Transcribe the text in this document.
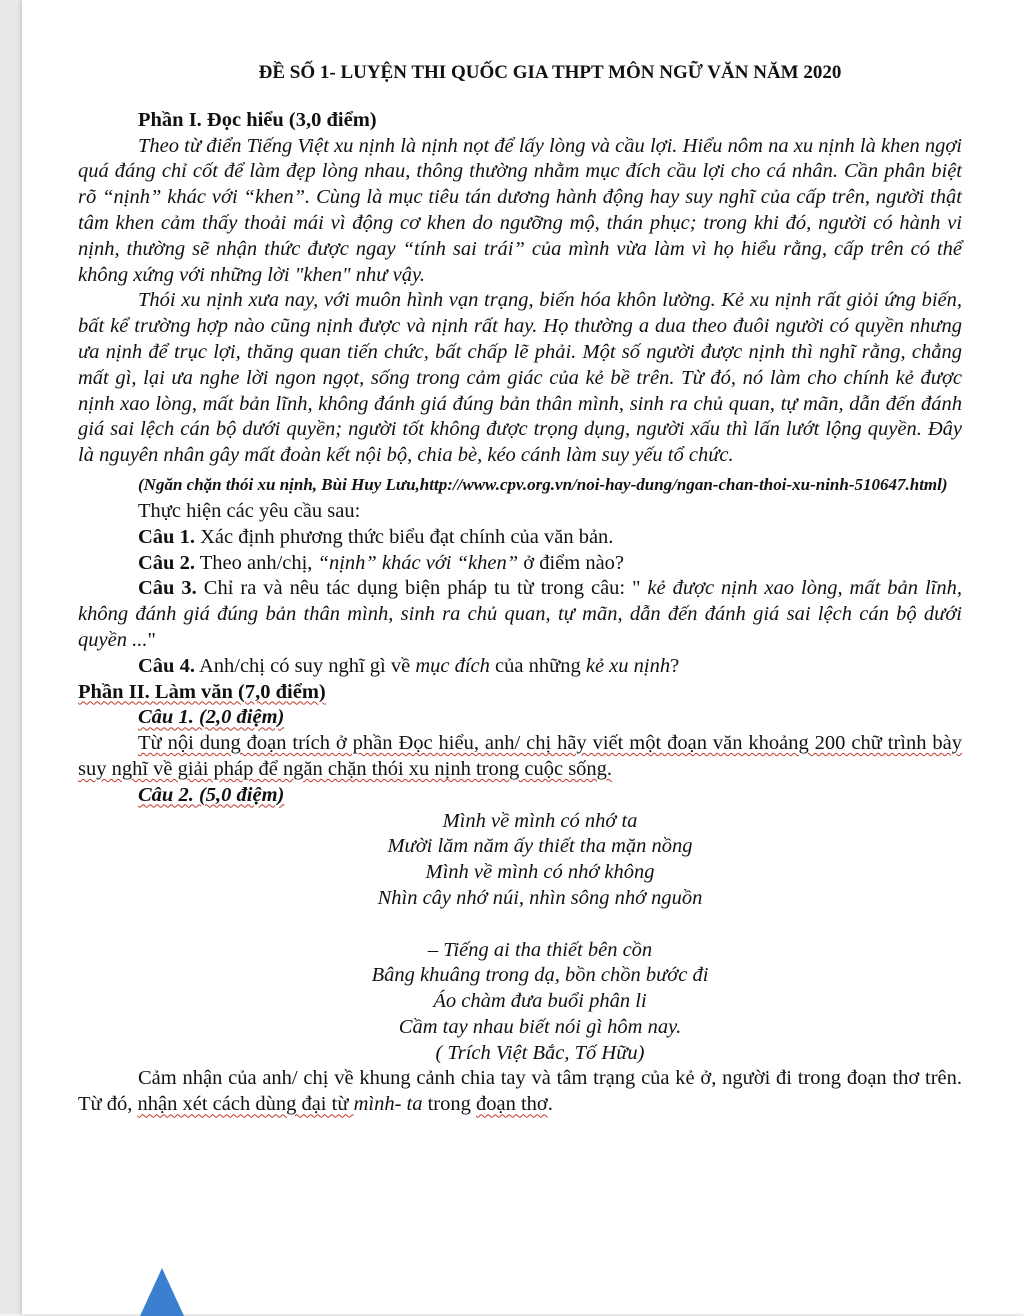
ĐỀ SỐ 1- LUYỆN THI QUỐC GIA THPT MÔN NGỮ VĂN NĂM 2020

Phần I. Đọc hiểu (3,0 điểm)

Theo từ điển Tiếng Việt xu nịnh là nịnh nọt để lấy lòng và cầu lợi. Hiểu nôm na xu nịnh là khen ngợi quá đáng chỉ cốt để làm đẹp lòng nhau, thông thường nhằm mục đích cầu lợi cho cá nhân. Cần phân biệt rõ “nịnh” khác với “khen”. Cùng là mục tiêu tán dương hành động hay suy nghĩ của cấp trên, người thật tâm khen cảm thấy thoải mái vì động cơ khen do ngưỡng mộ, thán phục; trong khi đó, người có hành vi nịnh, thường sẽ nhận thức được ngay “tính sai trái” của mình vừa làm vì họ hiểu rằng, cấp trên có thể không xứng với những lời "khen" như vậy.

Thói xu nịnh xưa nay, với muôn hình vạn trạng, biến hóa khôn lường. Kẻ xu nịnh rất giỏi ứng biến, bất kể trường hợp nào cũng nịnh được và nịnh rất hay. Họ thường a dua theo đuôi người có quyền nhưng ưa nịnh để trục lợi, thăng quan tiến chức, bất chấp lẽ phải. Một số người được nịnh thì nghĩ rằng, chẳng mất gì, lại ưa nghe lời ngon ngọt, sống trong cảm giác của kẻ bề trên. Từ đó, nó làm cho chính kẻ được nịnh xao lòng, mất bản lĩnh, không đánh giá đúng bản thân mình, sinh ra chủ quan, tự mãn, dẫn đến đánh giá sai lệch cán bộ dưới quyền; người tốt không được trọng dụng, người xấu thì lấn lướt lộng quyền. Đây là nguyên nhân gây mất đoàn kết nội bộ, chia bè, kéo cánh làm suy yếu tổ chức.

(Ngăn chặn thói xu nịnh, Bùi Huy Lưu,http://www.cpv.org.vn/noi-hay-dung/ngan-chan-thoi-xu-ninh-510647.html)

Thực hiện các yêu cầu sau:

Câu 1. Xác định phương thức biểu đạt chính của văn bản.

Câu 2. Theo anh/chị, “nịnh” khác với “khen” ở điểm nào?

Câu 3. Chỉ ra và nêu tác dụng biện pháp tu từ trong câu: " kẻ được nịnh xao lòng, mất bản lĩnh, không đánh giá đúng bản thân mình, sinh ra chủ quan, tự mãn, dẫn đến đánh giá sai lệch cán bộ dưới quyền ..."

Câu 4. Anh/chị có suy nghĩ gì về mục đích của những kẻ xu nịnh?

Phần II. Làm văn (7,0 điểm)

Câu 1. (2,0 điệm)

Từ nội dung đoạn trích ở phần Đọc hiểu, anh/ chị hãy viết một đoạn văn khoảng 200 chữ trình bày suy nghĩ về giải pháp để ngăn chặn thói xu nịnh trong cuộc sống.

Câu 2. (5,0 điệm)

Mình về mình có nhớ ta

Mười lăm năm ấy thiết tha mặn nồng

Mình về mình có nhớ không

Nhìn cây nhớ núi, nhìn sông nhớ nguồn

– Tiếng ai tha thiết bên cồn

Bâng khuâng trong dạ, bồn chồn bước đi

Áo chàm đưa buổi phân li

Cầm tay nhau biết nói gì hôm nay.

( Trích Việt Bắc, Tố Hữu)

Cảm nhận của anh/ chị về khung cảnh chia tay và tâm trạng của kẻ ở, người đi trong đoạn thơ trên. Từ đó, nhận xét cách dùng đại từ mình- ta trong đoạn thơ.
